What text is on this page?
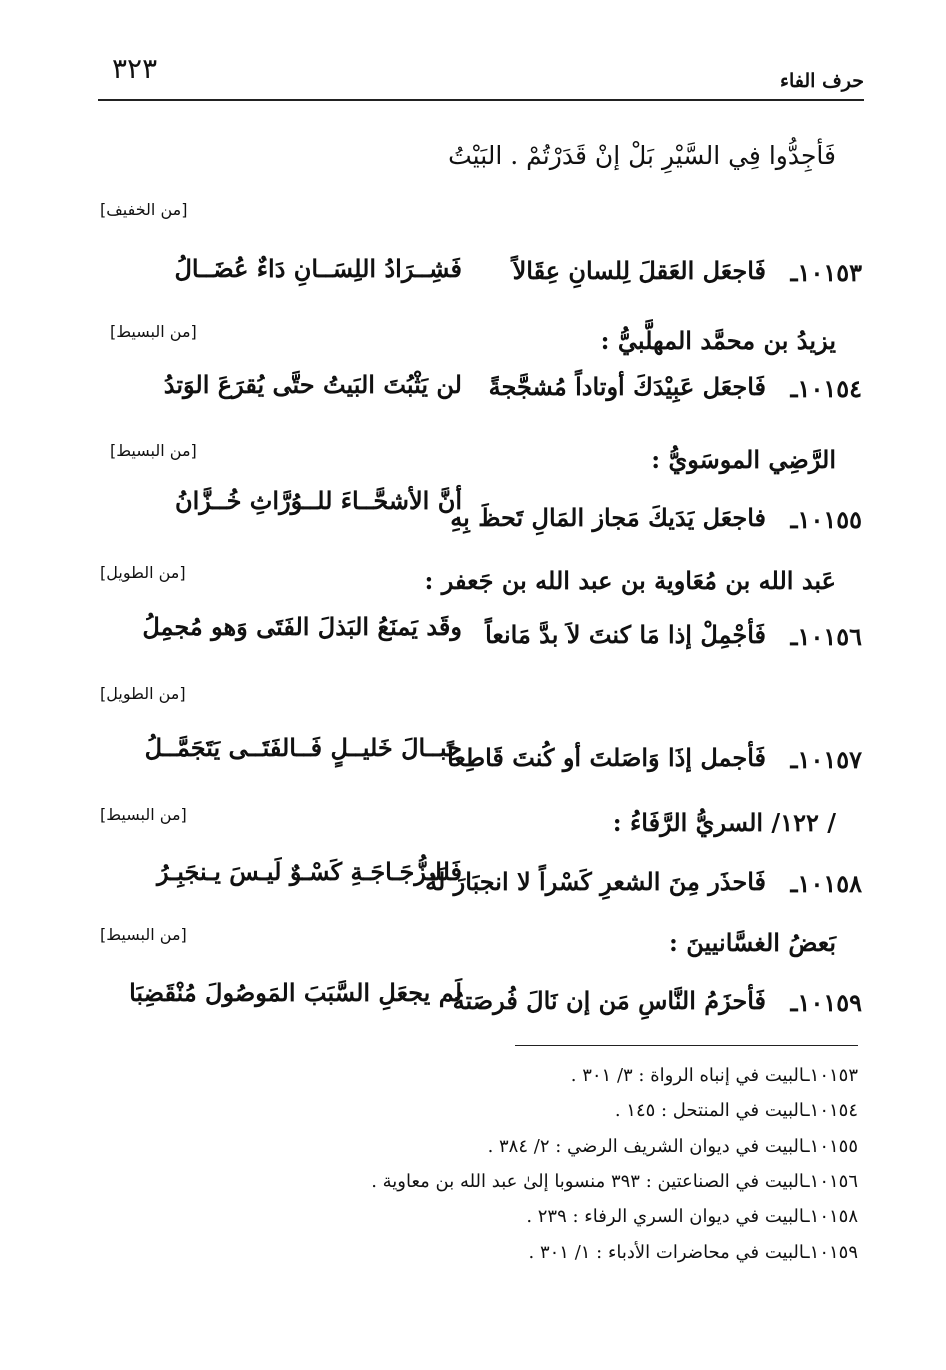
٣٢٣	حرف الفاء
فَأجِدُّوا فِي السَّيْرِ بَلْ إنْ قَدَرْتُمْ . البَيْتُ
[من الخفيف]
١٠١٥٣ـ
فَاجعَل العَقلَ لِلسانِ عِقَالاً
فَشِــرَادُ اللِسَــانِ دَاءٌ عُضَــالُ
يزيدُ بن محمَّد المهلَّبيُّ :
[من البسيط]
١٠١٥٤ـ
فَاجعَل عَبِيْدَكَ أوتاداً مُشجَّجةً
لن يَثْبُتَ البَيتُ حتَّى يُقرَعَ الوَتدُ
الرَّضِي الموسَويُّ :
[من البسيط]
١٠١٥٥ـ
فاجعَل يَدَيكَ مَجاز المَالِ تَحظَ بِهِ
أنَّ الأشحَّــاءَ للــوُرَّاثِ خُــزَّانُ
عَبد الله بن مُعَاوية بن عبد الله بن جَعفر :
[من الطويل]
١٠١٥٦ـ
فَأجْمِلْ إذا مَا كنتَ لاَ بدَّ مَانعاً
وقَد يَمنَعُ البَذلَ الفَتَى وَهو مُجمِلُ
[من الطويل]
١٠١٥٧ـ
فَأجمل إذَا وَاصَلتَ أو كُنتَ قَاطِعاً
حِبــالَ خَليــلٍ فَــالفَتَــى يَتَجَمَّــلُ
/ ١٢٢/ السريُّ الرَّفَاءُ :
[من البسيط]
١٠١٥٨ـ
فَاحذَر مِنَ الشعرِ كَسْراً لا انجبَارَ لَهُ
فَللـزُّجَـاجَـةِ كَسْـوٌ لَيـسَ يـنجَبِـرُ
بَعضُ الغسَّانيينَ :
[من البسيط]
١٠١٥٩ـ
فَأحزَمُ النَّاسِ مَن إن نَالَ فُرصَتهُ
لَم يجعَلِ السَّبَبَ المَوصُولَ مُنْقَضِبَا
١٠١٥٣ـالبيت في إنباه الرواة : ٣/ ٣٠١ .
١٠١٥٤ـالبيت في المنتحل : ١٤٥ .
١٠١٥٥ـالبيت في ديوان الشريف الرضي : ٢/ ٣٨٤ .
١٠١٥٦ـالبيت في الصناعتين : ٣٩٣ منسوبا إلىٰ عبد الله بن معاوية .
١٠١٥٨ـالبيت في ديوان السري الرفاء : ٢٣٩ .
١٠١٥٩ـالبيت في محاضرات الأدباء : ١/ ٣٠١ .
